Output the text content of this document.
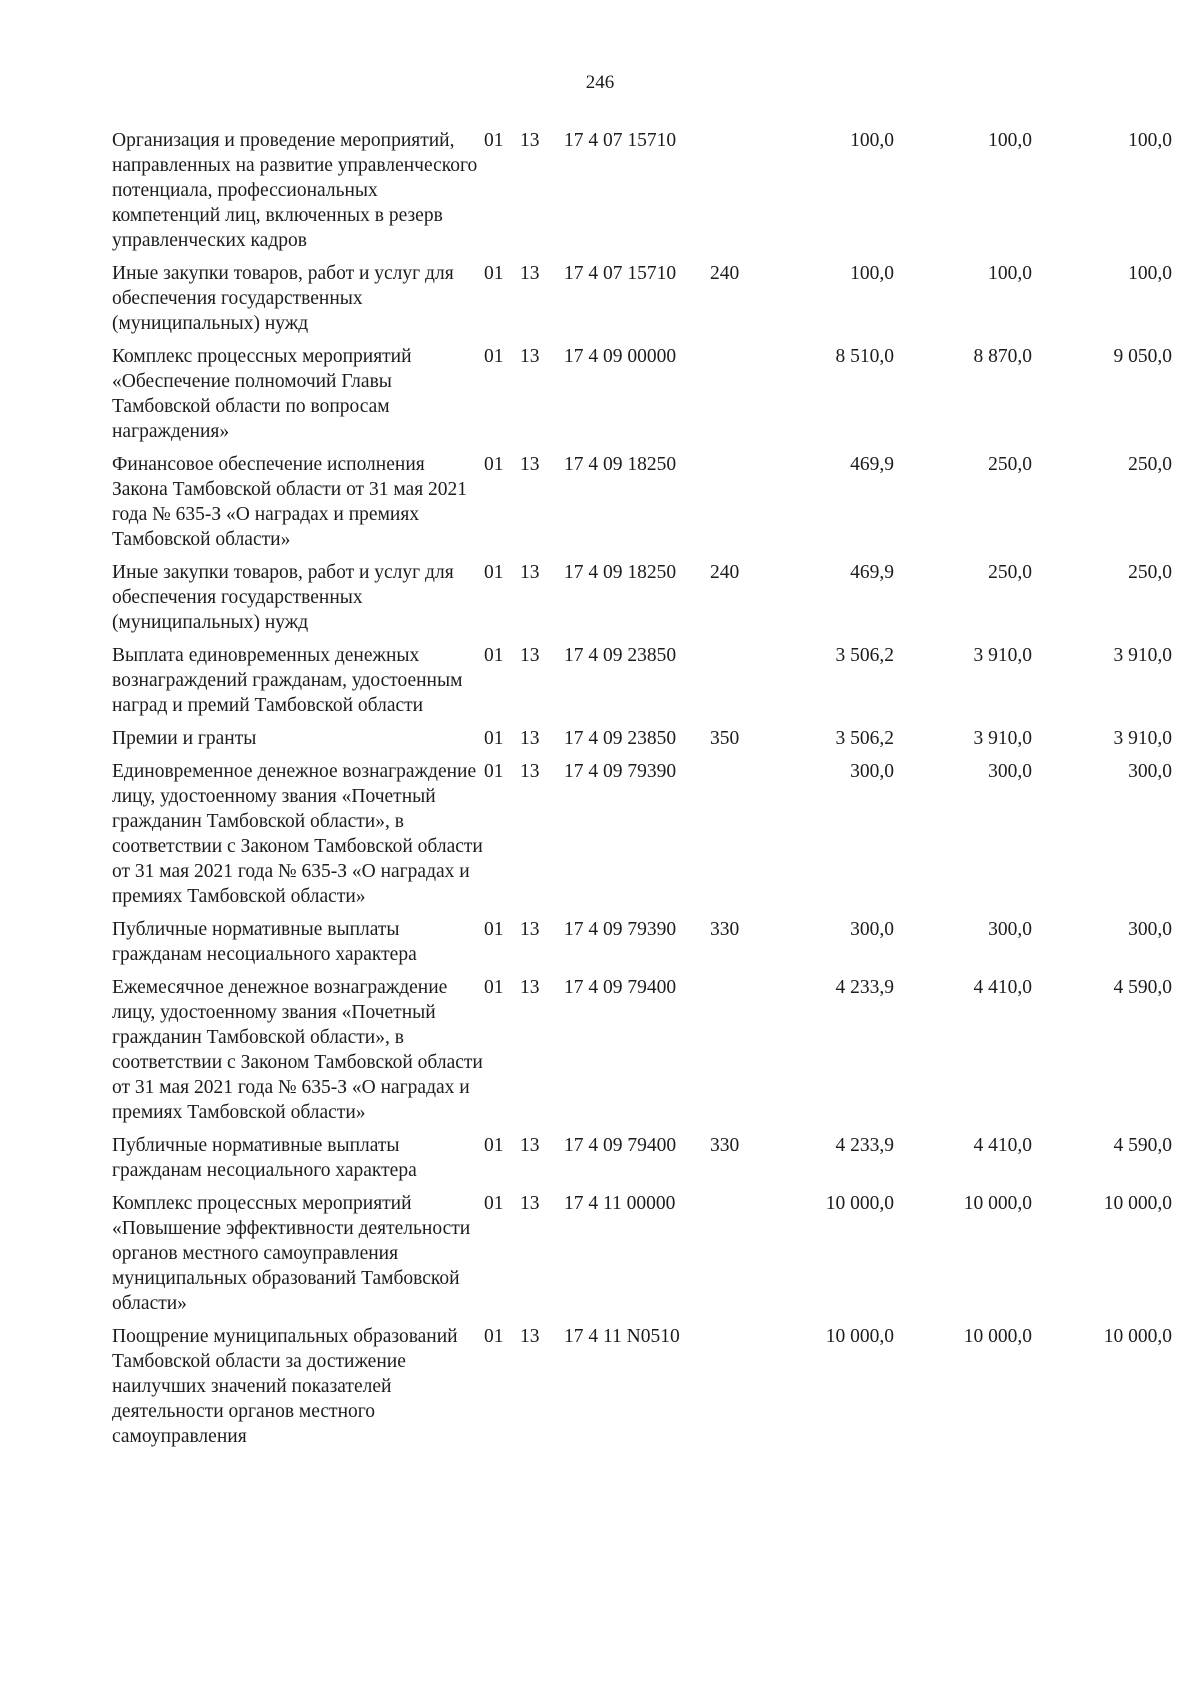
246
Организация и проведение мероприятий, направленных на развитие управленческого потенциала, профессиональных компетенций лиц, включенных в резерв управленческих кадров	01	13	17 4 07 15710		100,0	100,0	100,0
Иные закупки товаров, работ и услуг для обеспечения государственных (муниципальных) нужд	01	13	17 4 07 15710	240	100,0	100,0	100,0
Комплекс процессных мероприятий «Обеспечение полномочий Главы Тамбовской области по вопросам награждения»	01	13	17 4 09 00000		8 510,0	8 870,0	9 050,0
Финансовое обеспечение исполнения Закона Тамбовской области от 31 мая 2021 года № 635-З «О наградах и премиях Тамбовской области»	01	13	17 4 09 18250		469,9	250,0	250,0
Иные закупки товаров, работ и услуг для обеспечения государственных (муниципальных) нужд	01	13	17 4 09 18250	240	469,9	250,0	250,0
Выплата единовременных денежных вознаграждений гражданам, удостоенным наград и премий Тамбовской области	01	13	17 4 09 23850		3 506,2	3 910,0	3 910,0
Премии и гранты	01	13	17 4 09 23850	350	3 506,2	3 910,0	3 910,0
Единовременное денежное вознаграждение лицу, удостоенному звания «Почетный гражданин Тамбовской области», в соответствии с Законом Тамбовской области от 31 мая 2021 года № 635-З «О наградах и премиях Тамбовской области»	01	13	17 4 09 79390		300,0	300,0	300,0
Публичные нормативные выплаты гражданам несоциального характера	01	13	17 4 09 79390	330	300,0	300,0	300,0
Ежемесячное денежное вознаграждение лицу, удостоенному звания «Почетный гражданин Тамбовской области», в соответствии с Законом Тамбовской области от 31 мая 2021 года № 635-З «О наградах и премиях Тамбовской области»	01	13	17 4 09 79400		4 233,9	4 410,0	4 590,0
Публичные нормативные выплаты гражданам несоциального характера	01	13	17 4 09 79400	330	4 233,9	4 410,0	4 590,0
Комплекс процессных мероприятий «Повышение эффективности деятельности органов местного самоуправления муниципальных образований Тамбовской области»	01	13	17 4 11 00000		10 000,0	10 000,0	10 000,0
Поощрение муниципальных образований Тамбовской области за достижение наилучших значений показателей деятельности органов местного самоуправления	01	13	17 4 11 N0510		10 000,0	10 000,0	10 000,0
